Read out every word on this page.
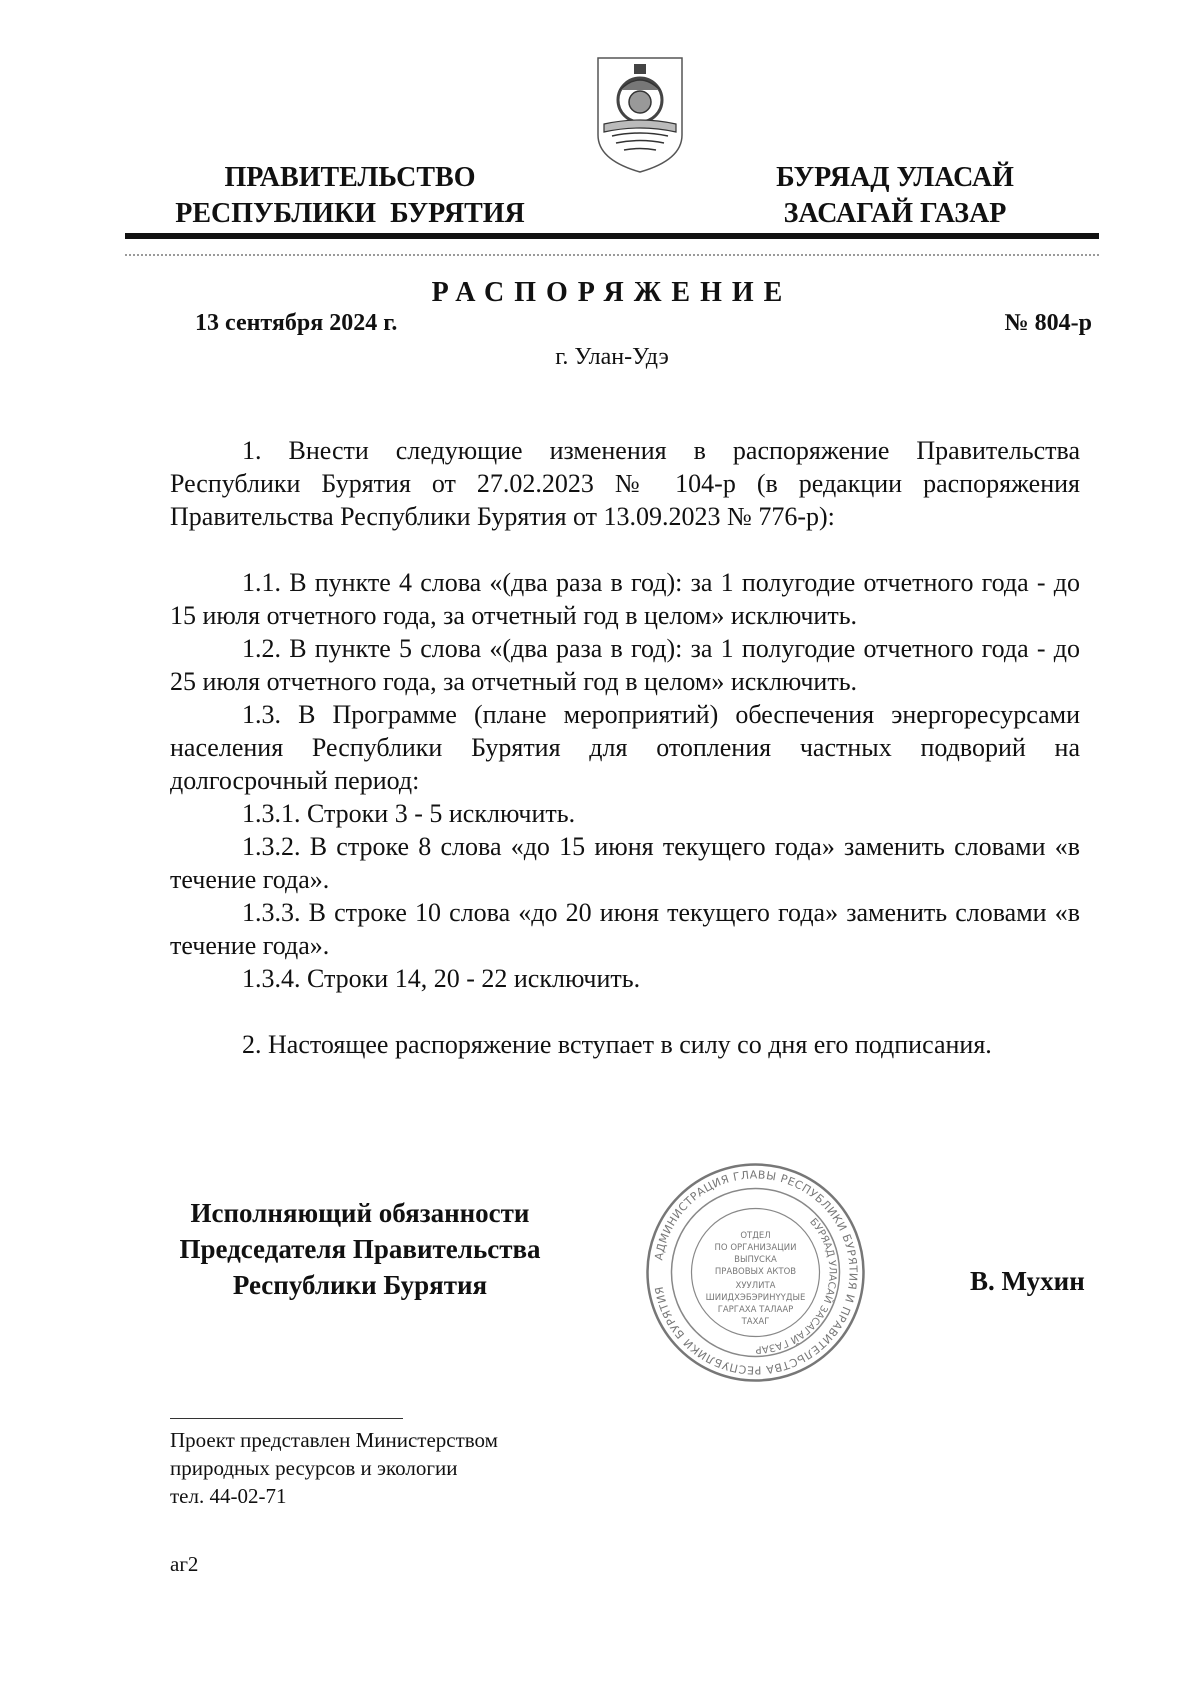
ПРАВИТЕЛЬСТВО
РЕСПУБЛИКИ  БУРЯТИЯ
БУРЯАД УЛАСАЙ
ЗАСАГАЙ ГАЗАР
РАСПОРЯЖЕНИЕ
13 сентября 2024 г.	№ 804-р
г. Улан-Удэ

1. Внести следующие изменения в распоряжение Правительства Республики Бурятия от 27.02.2023 № 104-р (в редакции распоряжения Правительства Республики Бурятия от 13.09.2023 № 776-р):

1.1. В пункте 4 слова «(два раза в год): за 1 полугодие отчетного года - до 15 июля отчетного года, за отчетный год в целом» исключить.

1.2. В пункте 5 слова «(два раза в год): за 1 полугодие отчетного года - до 25 июля отчетного года, за отчетный год в целом» исключить.

1.3. В Программе (плане мероприятий) обеспечения энергоресурсами населения Республики Бурятия для отопления частных подворий на долгосрочный период:

1.3.1. Строки 3 - 5 исключить.

1.3.2. В строке 8 слова «до 15 июня текущего года» заменить словами «в течение года».

1.3.3. В строке 10 слова «до 20 июня текущего года» заменить словами «в течение года».

1.3.4. Строки 14, 20 - 22 исключить.

2. Настоящее распоряжение вступает в силу со дня его подписания.

Исполняющий обязанности
Председателя Правительства
Республики Бурятия
АДМИНИСТРАЦИЯ ГЛАВЫ РЕСПУБЛИКИ БУРЯТИЯ И ПРАВИТЕЛЬСТВА РЕСПУБЛИКИ БУРЯТИЯ
БУРЯАД УЛАСАЙ ЗАСАГАЙ ГАЗАР
ОТДЕЛ
ПО ОРГАНИЗАЦИИ
ВЫПУСКА
ПРАВОВЫХ АКТОВ
ХУУЛИТА
ШИИДХЭБЭРИНҮҮДЫЕ
ГАРГАХА ТАЛААР
ТАХАГ
В. Мухин
Проект представлен Министерством
природных ресурсов и экологии
тел. 44-02-71
аг2
